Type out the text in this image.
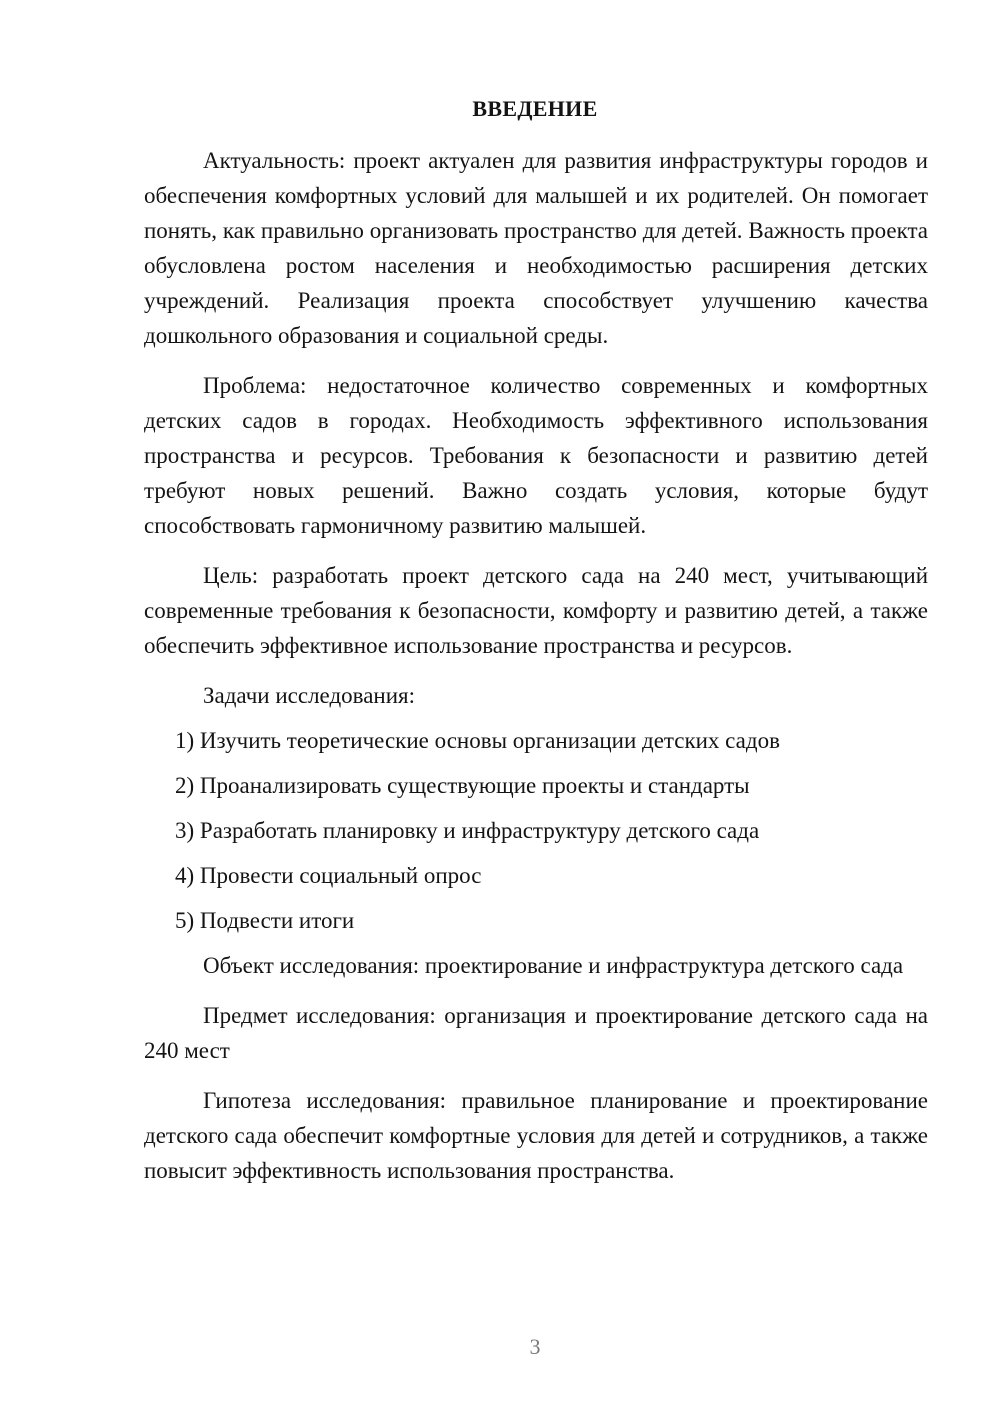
ВВЕДЕНИЕ

Актуальность: проект актуален для развития инфраструктуры городов и обеспечения комфортных условий для малышей и их родителей. Он помогает понять, как правильно организовать пространство для детей. Важность проекта обусловлена ростом населения и необходимостью расширения детских учреждений. Реализация проекта способствует улучшению качества дошкольного образования и социальной среды.

Проблема: недостаточное количество современных и комфортных детских садов в городах. Необходимость эффективного использования пространства и ресурсов. Требования к безопасности и развитию детей требуют новых решений. Важно создать условия, которые будут способствовать гармоничному развитию малышей.

Цель: разработать проект детского сада на 240 мест, учитывающий современные требования к безопасности, комфорту и развитию детей, а также обеспечить эффективное использование пространства и ресурсов.

Задачи исследования:

1) Изучить теоретические основы организации детских садов
2) Проанализировать существующие проекты и стандарты
3) Разработать планировку и инфраструктуру детского сада
4) Провести социальный опрос
5) Подвести итоги

Объект исследования: проектирование и инфраструктура детского сада

Предмет исследования: организация и проектирование детского сада на 240 мест

Гипотеза исследования: правильное планирование и проектирование детского сада обеспечит комфортные условия для детей и сотрудников, а также повысит эффективность использования пространства.

3
